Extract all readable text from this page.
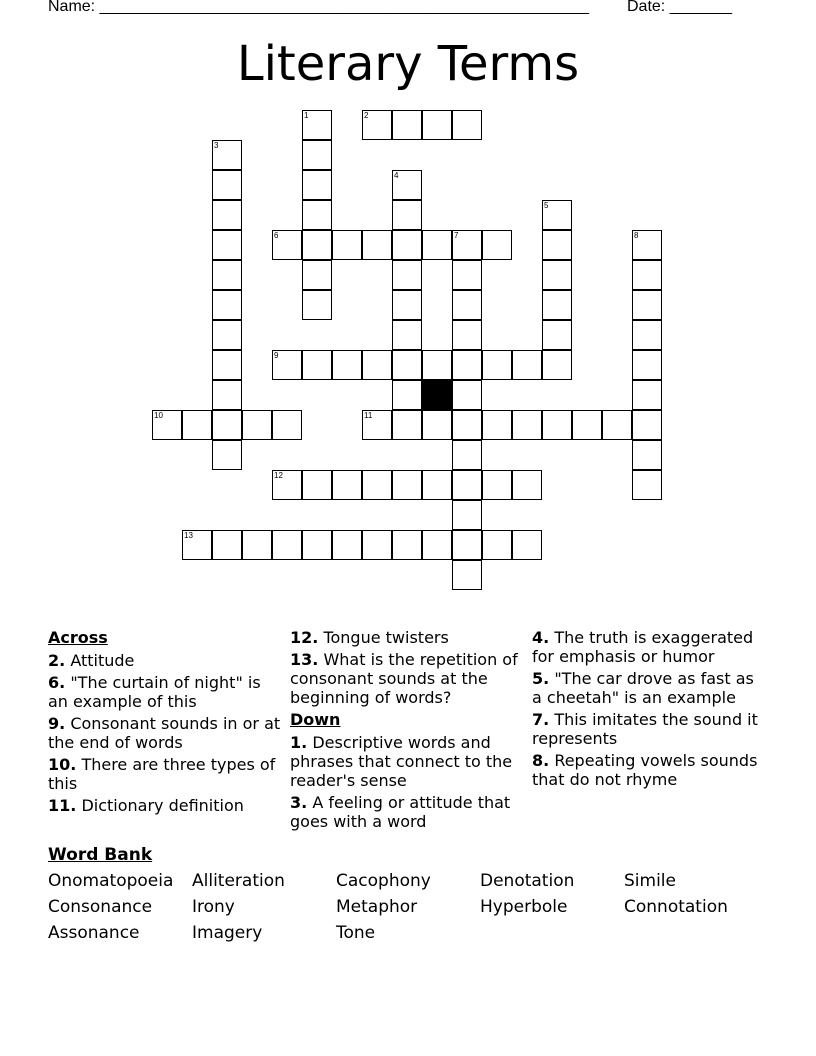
Name: _______________________________________________________ Date: _______
Literary Terms
2
6	7
9
10	11
12
13
1
3
4
5
8
Across
2. Attitude
6. "The curtain of night" is an example of this
9. Consonant sounds in or at the end of words
10. There are three types of this
11. Dictionary definition
12. Tongue twisters
13. What is the repetition of consonant sounds at the beginning of words?
Down
1. Descriptive words and phrases that connect to the reader's sense
3. A feeling or attitude that goes with a word
4. The truth is exaggerated for emphasis or humor
5. "The car drove as fast as a cheetah" is an example
7. This imitates the sound it represents
8. Repeating vowels sounds that do not rhyme
Word Bank
Onomatopoeia	Alliteration	Cacophony	Denotation	Simile
Consonance	Irony	Metaphor	Hyperbole	Connotation
Assonance	Imagery	Tone
